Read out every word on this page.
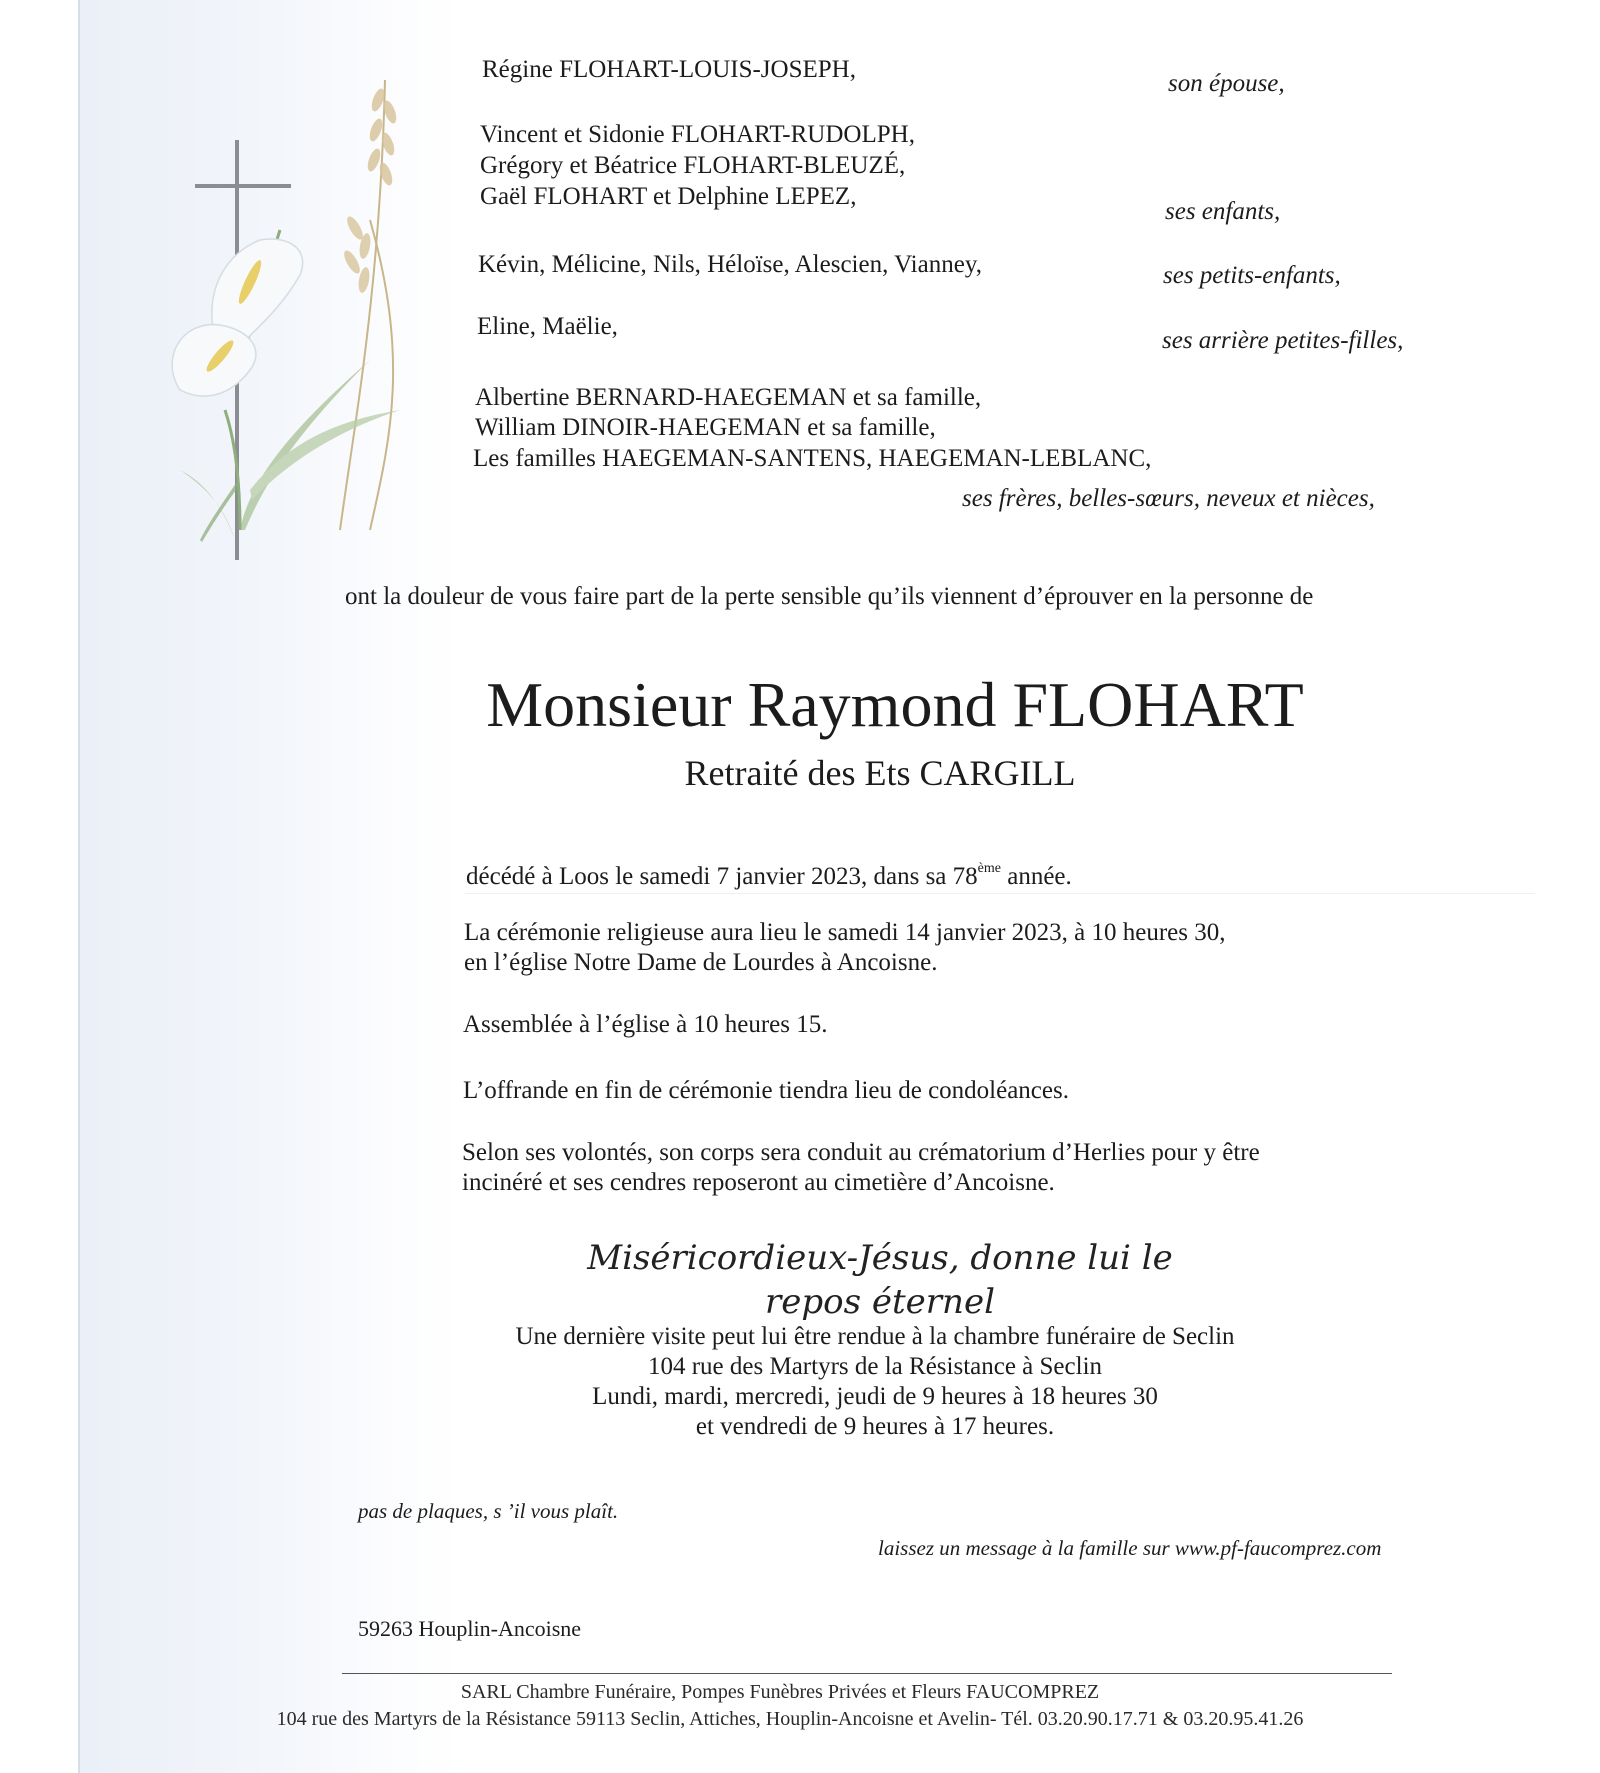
Régine FLOHART-LOUIS-JOSEPH,
son épouse,
Vincent et Sidonie FLOHART-RUDOLPH,
Grégory et Béatrice FLOHART-BLEUZÉ,
Gaël FLOHART et Delphine LEPEZ,
ses enfants,
Kévin, Mélicine, Nils, Héloïse, Alescien, Vianney,	ses petits-enfants,
Eline, Maëlie,
ses arrière petites-filles,
Albertine BERNARD-HAEGEMAN et sa famille,
William DINOIR-HAEGEMAN et sa famille,
Les familles HAEGEMAN-SANTENS, HAEGEMAN-LEBLANC,
ses frères, belles-sœurs, neveux et nièces,
ont la douleur de vous faire part de la perte sensible qu’ils viennent d’éprouver en la personne de
Monsieur Raymond FLOHART
Retraité des Ets CARGILL
décédé à Loos le samedi 7 janvier 2023, dans sa 78ème année.
La cérémonie religieuse aura lieu le samedi 14 janvier 2023, à 10 heures 30,
en l’église Notre Dame de Lourdes à Ancoisne.
Assemblée à l’église à 10 heures 15.
L’offrande en fin de cérémonie tiendra lieu de condoléances.
Selon ses volontés, son corps sera conduit au crématorium d’Herlies pour y être
incinéré et ses cendres reposeront au cimetière d’Ancoisne.
Miséricordieux-Jésus, donne lui le repos éternel
Une dernière visite peut lui être rendue à la chambre funéraire de Seclin
104 rue des Martyrs de la Résistance à Seclin
Lundi, mardi, mercredi, jeudi de 9 heures à 18 heures 30
et vendredi de 9 heures à 17 heures.
pas de plaques, s ’il vous plaît.
laissez un message à la famille sur www.pf-faucomprez.com
59263 Houplin-Ancoisne
SARL Chambre Funéraire, Pompes Funèbres Privées et Fleurs FAUCOMPREZ
104 rue des Martyrs de la Résistance 59113 Seclin, Attiches, Houplin-Ancoisne et Avelin- Tél. 03.20.90.17.71 & 03.20.95.41.26
